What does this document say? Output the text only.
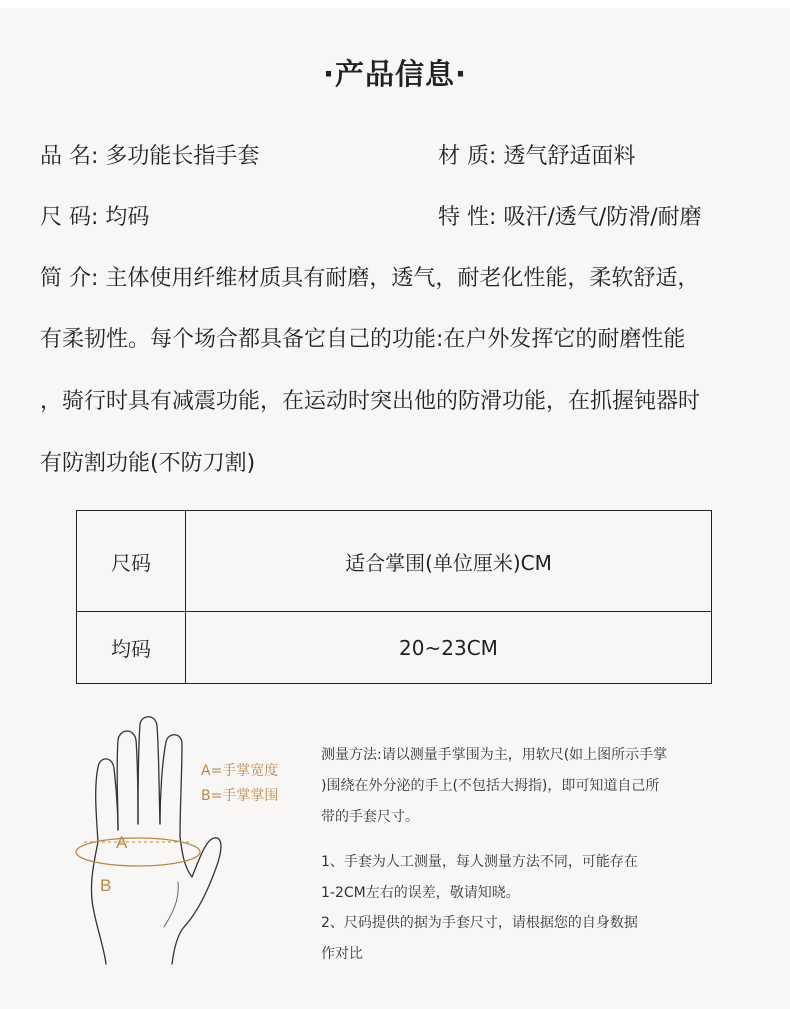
·产品信息·
品 名: 多功能长指手套	材 质: 透气舒适面料
尺 码: 均码	特 性: 吸汗/透气/防滑/耐磨
简 介: 主体使用纤维材质具有耐磨，透气，耐老化性能，柔软舒适，
有柔韧性。每个场合都具备它自己的功能:在户外发挥它的耐磨性能
，骑行时具有减震功能，在运动时突出他的防滑功能，在抓握钝器时
有防割功能(不防刀割)
尺码	适合掌围(单位厘米)CM
均码	20~23CM
A
B
A=手掌宽度
B=手掌掌围
测量方法:请以测量手掌围为主，用软尺(如上图所示手掌
)围绕在外分泌的手上(不包括大拇指)，即可知道自己所
带的手套尺寸。
1、手套为人工测量，每人测量方法不同，可能存在
1-2CM左右的误差，敬请知晓。
2、尺码提供的据为手套尺寸，请根据您的自身数据
作对比
